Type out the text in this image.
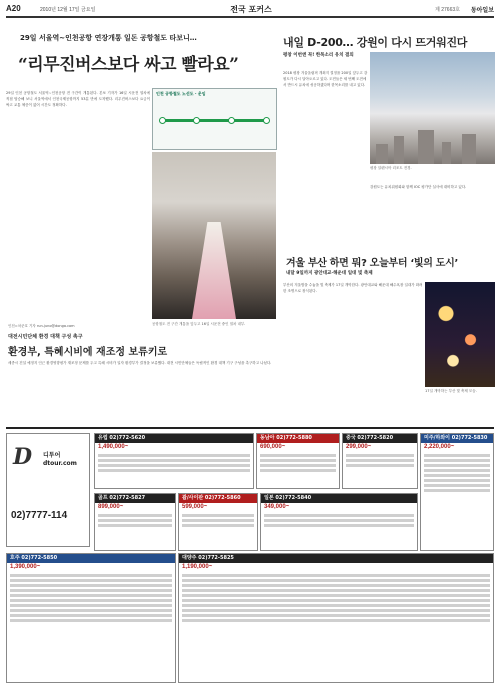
A20	2010년 12월 17일 금요일	전국 포커스	제 27663호 동아일보
29일 서울역∼인천공항 연장개통 일돈 공항철도 타보니…
“리무진버스보다 싸고 빨라요”

29일 인천 공항철도 서울역∼인천공항 전 구간이 개통된다. 본보 기자가 16일 시운전 열차에 직접 탑승해 보니 서울역에서 인천국제공항까지 53분 만에 도착했다. 리무진버스보다 요금이 싸고 교통 체증이 없어 시간도 정확하다.

인천 공항철도 노선도 · 운임
공항철도 전 구간 개통을 앞두고 16일 시운전 중인 열차 내부.
인천=차준호 기자 run-juno@donga.com
대전시민단체 환경 대책 구성 촉구
환경부, 특혜시비에 재조정 보류키로

세종시 건설 예정지 인근 환경영향평가 재조정 문제를 두고 특혜 시비가 일자 환경부가 결정을 보류했다. 대전 시민단체들은 독립적인 환경 대책 기구 구성을 촉구하고 나섰다.

내일 D-200… 강원이 다시 뜨거워진다
평창 이번엔 꼭! 한목소리 유치 결의

2018 평창 겨울올림픽 개최지 결정을 200일 앞두고 강원도가 다시 달아오르고 있다. 도민들은 세 번째 도전에서 반드시 유치에 성공하겠다며 한목소리를 내고 있다.

평창 알펜시아 리조트 전경.

강원도는 유치위원회와 함께 IOC 평가단 실사에 대비하고 있다.

겨울 부산 하면 뭐? 오늘부터 ‘빛의 도시’
내달 9일까지 광안대교·해운대 일대 빛 축제

부산의 겨울밤을 수놓을 빛 축제가 17일 개막한다. 광안대교와 해운대 해수욕장 일대가 화려한 조명으로 장식된다.

17일 개막하는 부산 빛 축제 모습.
D 디투어
dtour.com
02)7777-114
유럽 02)772-5620
1,490,000~
동남아 02)772-5880
690,000~
중국 02)772-5820
299,000~
미주/하와이 02)772-5830
2,220,000~
골프 02)772-5827
899,000~
괌/사이판 02)772-5860
599,000~
일본 02)772-5840
349,000~
호주 02)772-5850
1,390,000~
대양주 02)772-5825
1,190,000~
